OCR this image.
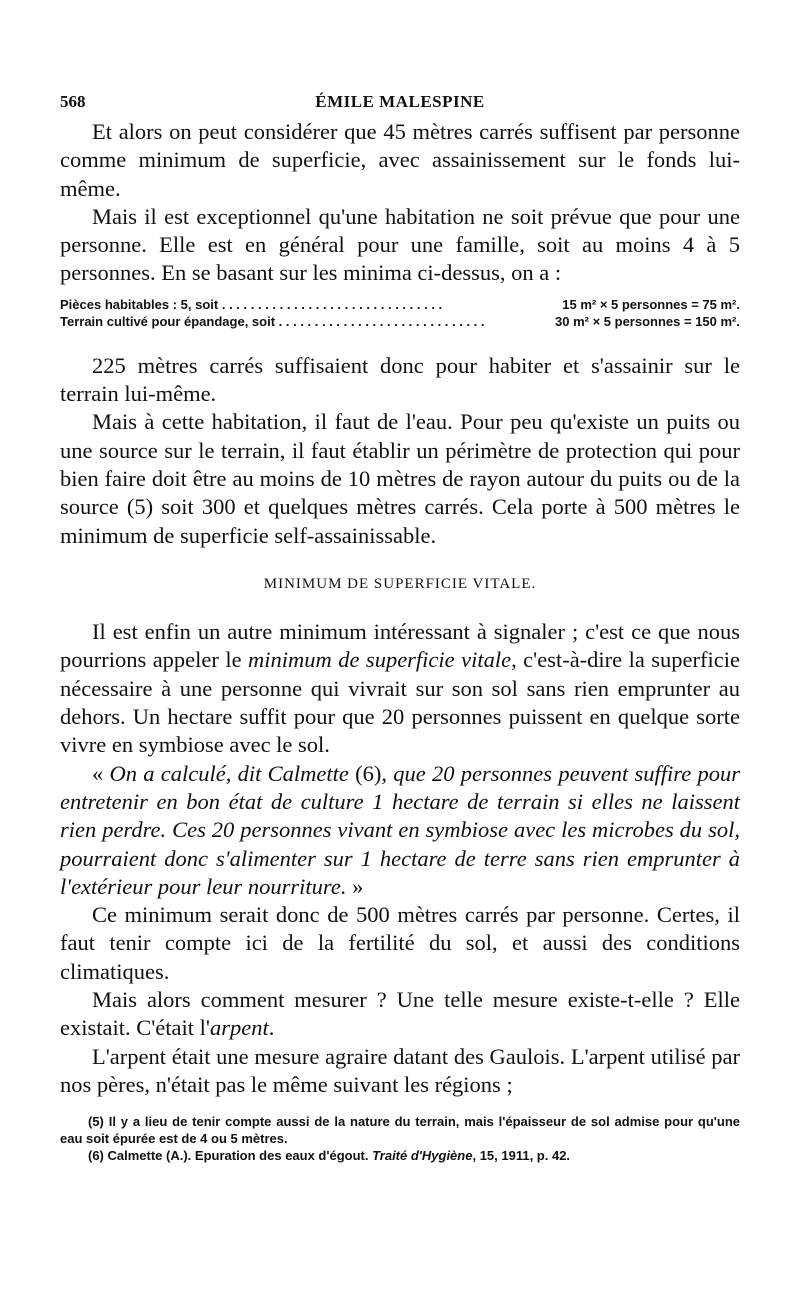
568	ÉMILE MALESPINE

Et alors on peut considérer que 45 mètres carrés suffisent par personne comme minimum de superficie, avec assainissement sur le fonds lui-même.

Mais il est exceptionnel qu'une habitation ne soit prévue que pour une personne. Elle est en général pour une famille, soit au moins 4 à 5 personnes. En se basant sur les minima ci-dessus, on a :

Pièces habitables : 5, soit . . .	15 m² × 5 personnes = 75 m².
Terrain cultivé pour épandage, soit . . .	30 m² × 5 personnes = 150 m².

225 mètres carrés suffisaient donc pour habiter et s'assainir sur le terrain lui-même.

Mais à cette habitation, il faut de l'eau. Pour peu qu'existe un puits ou une source sur le terrain, il faut établir un périmètre de protection qui pour bien faire doit être au moins de 10 mètres de rayon autour du puits ou de la source (5) soit 300 et quelques mètres carrés. Cela porte à 500 mètres le minimum de superficie self-assainissable.

MINIMUM DE SUPERFICIE VITALE.

Il est enfin un autre minimum intéressant à signaler ; c'est ce que nous pourrions appeler le minimum de superficie vitale, c'est-à-dire la superficie nécessaire à une personne qui vivrait sur son sol sans rien emprunter au dehors. Un hectare suffit pour que 20 personnes puissent en quelque sorte vivre en symbiose avec le sol.

« On a calculé, dit Calmette (6), que 20 personnes peuvent suffire pour entretenir en bon état de culture 1 hectare de terrain si elles ne laissent rien perdre. Ces 20 personnes vivant en symbiose avec les microbes du sol, pourraient donc s'alimenter sur 1 hectare de terre sans rien emprunter à l'extérieur pour leur nourriture. »

Ce minimum serait donc de 500 mètres carrés par personne. Certes, il faut tenir compte ici de la fertilité du sol, et aussi des conditions climatiques.

Mais alors comment mesurer ? Une telle mesure existe-t-elle ? Elle existait. C'était l'arpent.

L'arpent était une mesure agraire datant des Gaulois. L'arpent utilisé par nos pères, n'était pas le même suivant les régions ;

(5) Il y a lieu de tenir compte aussi de la nature du terrain, mais l'épaisseur de sol admise pour qu'une eau soit épurée est de 4 ou 5 mètres.

(6) Calmette (A.). Epuration des eaux d'égout. Traité d'Hygiène, 15, 1911, p. 42.
